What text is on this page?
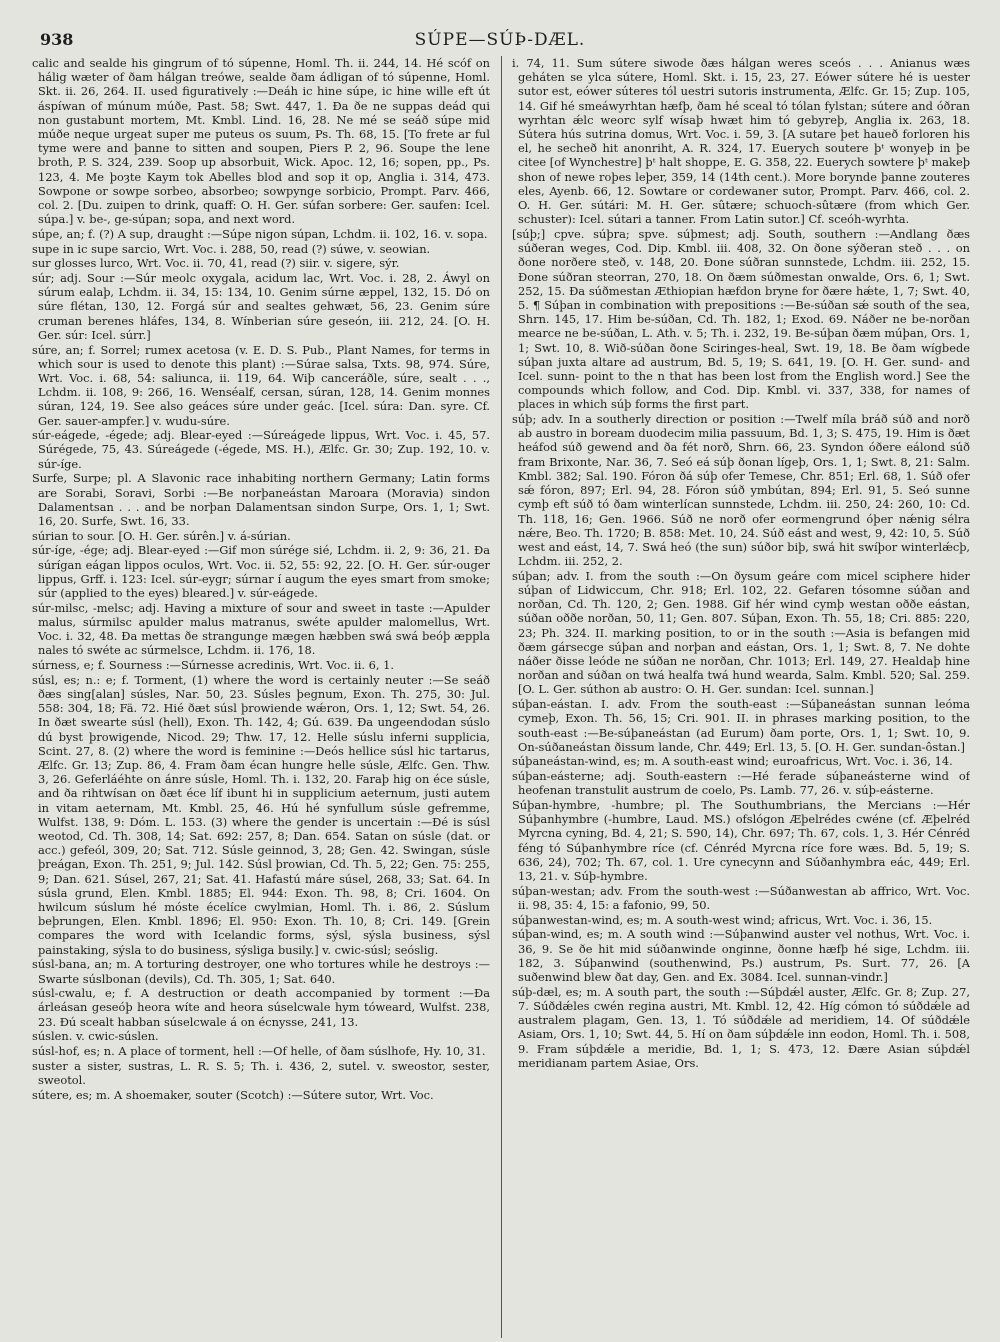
938	SÚPE—SÚÞ-DÆL.

calic and sealde his gingrum of tó súpenne, Homl. Th. ii. 244, 14. Hé scóf on hálig wæter of ðam hálgan treówe, sealde ðam ádligan of tó súpenne, Homl. Skt. ii. 26, 264. II. used figuratively :—Deáh ic hine súpe, ic hine wille eft út áspíwan of múnum múðe, Past. 58; Swt. 447, 1. Ða ðe ne suppas deád qui non gustabunt mortem, Mt. Kmbl. Lind. 16, 28. Ne mé se seáð súpe mid múðe neque urgeat super me puteus os suum, Ps. Th. 68, 15. [To frete ar ful tyme were and þanne to sitten and soupen, Piers P. 2, 96. Soupe the lene broth, P. S. 324, 239. Soop up absorbuit, Wick. Apoc. 12, 16; sopen, pp., Ps. 123, 4. Me þoȝte Kaym tok Abelles blod and sop it op, Anglia i. 314, 473. Sowpone or sowpe sorbeo, absorbeo; sowpynge sorbicio, Prompt. Parv. 466, col. 2. [Du. zuipen to drink, quaff: O. H. Ger. súfan sorbere: Ger. saufen: Icel. súpa.] v. be-, ge-súpan; sopa, and next word.

súpe, an; f. (?) A sup, draught :—Súpe nigon súpan, Lchdm. ii. 102, 16. v. sopa.

supe in ic supe sarcio, Wrt. Voc. i. 288, 50, read (?) súwe, v. seowian.

sur glosses lurco, Wrt. Voc. ii. 70, 41, read (?) siir. v. sigere, sýr.

súr; adj. Sour :—Súr meolc oxygala, acidum lac, Wrt. Voc. i. 28, 2. Áwyl on súrum ealaþ, Lchdm. ii. 34, 15: 134, 10. Genim súrne æppel, 132, 15. Dó on súre flétan, 130, 12. Forgá súr and sealtes gehwæt, 56, 23. Genim súre cruman berenes hláfes, 134, 8. Wínberian súre geseón, iii. 212, 24. [O. H. Ger. súr: Icel. súrr.]

súre, an; f. Sorrel; rumex acetosa (v. E. D. S. Pub., Plant Names, for terms in which sour is used to denote this plant) :—Súrae salsa, Txts. 98, 974. Súre, Wrt. Voc. i. 68, 54: saliunca, ii. 119, 64. Wiþ canceráðle, súre, sealt . . ., Lchdm. ii. 108, 9: 266, 16. Wenséalf, cersan, súran, 128, 14. Genim monnes súran, 124, 19. See also geáces súre under geác. [Icel. súra: Dan. syre. Cf. Ger. sauer-ampfer.] v. wudu-súre.

súr-eágede, -égede; adj. Blear-eyed :—Súreágede lippus, Wrt. Voc. i. 45, 57. Súrégede, 75, 43. Súreágede (-égede, MS. H.), Ælfc. Gr. 30; Zup. 192, 10. v. súr-íge.

Surfe, Surpe; pl. A Slavonic race inhabiting northern Germany; Latin forms are Sorabi, Soravi, Sorbi :—Be norþaneástan Maroara (Moravia) sindon Dalamentsan . . . and be norþan Dalamentsan sindon Surpe, Ors. 1, 1; Swt. 16, 20. Surfe, Swt. 16, 33.

súrian to sour. [O. H. Ger. súrên.] v. á-súrian.

súr-íge, -ége; adj. Blear-eyed :—Gif mon súrége sié, Lchdm. ii. 2, 9: 36, 21. Ða súrígan eágan lippos oculos, Wrt. Voc. ii. 52, 55: 92, 22. [O. H. Ger. súr-ouger lippus, Grff. i. 123: Icel. súr-eygr; súrnar í augum the eyes smart from smoke; súr (applied to the eyes) bleared.] v. súr-eágede.

súr-milsc, -melsc; adj. Having a mixture of sour and sweet in taste :—Apulder malus, súrmilsc apulder malus matranus, swéte apulder malomellus, Wrt. Voc. i. 32, 48. Ða mettas ðe strangunge mægen hæbben swá swá beóþ æppla nales tó swéte ac súrmelsce, Lchdm. ii. 176, 18.

súrness, e; f. Sourness :—Súrnesse acredinis, Wrt. Voc. ii. 6, 1.

súsl, es; n.: e; f. Torment, (1) where the word is certainly neuter :—Se seáð ðæs sing[alan] súsles, Nar. 50, 23. Súsles þegnum, Exon. Th. 275, 30: Jul. 558: 304, 18; Fä. 72. Hié ðæt súsl þrowiende wǽron, Ors. 1, 12; Swt. 54, 26. In ðæt swearte súsl (hell), Exon. Th. 142, 4; Gú. 639. Ða ungeendodan súslo dú byst þrowigende, Nicod. 29; Thw. 17, 12. Helle súslu inferni supplicia, Scint. 27, 8. (2) where the word is feminine :—Deós hellicе súsl hic tartarus, Ælfc. Gr. 13; Zup. 86, 4. Fram ðam écan hungre helle súsle, Ælfc. Gen. Thw. 3, 26. Geferláéhte on ánre súsle, Homl. Th. i. 132, 20. Faraþ hig on éce súsle, and ða rihtwísan on ðæt éce líf ibunt hi in supplicium aeternum, justi autem in vitam aeternam, Mt. Kmbl. 25, 46. Hú hé synfullum súsle gefremme, Wulfst. 138, 9: Dóm. L. 153. (3) where the gender is uncertain :—Ðé is súsl weotod, Cd. Th. 308, 14; Sat. 692: 257, 8; Dan. 654. Satan on súsle (dat. or acc.) gefeól, 309, 20; Sat. 712. Súsle geinnod, 3, 28; Gen. 42. Swingan, súsle þreágan, Exon. Th. 251, 9; Jul. 142. Súsl þrowian, Cd. Th. 5, 22; Gen. 75: 255, 9; Dan. 621. Súsel, 267, 21; Sat. 41. Hafastú máre súsel, 268, 33; Sat. 64. In súsla grund, Elen. Kmbl. 1885; El. 944: Exon. Th. 98, 8; Cri. 1604. On hwilcum súslum hé móste écelíce cwylmian, Homl. Th. i. 86, 2. Súslum beþrungen, Elen. Kmbl. 1896; El. 950: Exon. Th. 10, 8; Cri. 149. [Grein compares the word with Icelandic forms, sýsl, sýsla business, sýsl painstaking, sýsla to do business, sýsliga busily.] v. cwic-súsl; seóslig.

súsl-bana, an; m. A torturing destroyer, one who tortures while he destroys :—Swarte súslbonan (devils), Cd. Th. 305, 1; Sat. 640.

súsl-cwalu, e; f. A destruction or death accompanied by torment :—Ða árleásan geseóþ heora wíte and heora súselcwale hym tóweard, Wulfst. 238, 23. Ðú scealt habban súselcwale á on écnysse, 241, 13.

súslen. v. cwic-súslen.

súsl-hof, es; n. A place of torment, hell :—Of helle, of ðam súslhofe, Hy. 10, 31.

suster a sister, sustras, L. R. S. 5; Th. i. 436, 2, sutel. v. sweostor, sester, sweotol.

sútere, es; m. A shoemaker, souter (Scotch) :—Sútere sutor, Wrt. Voc.

i. 74, 11. Sum sútere siwode ðæs hálgan weres sceós . . . Anianus wæs geháten se ylca sútere, Homl. Skt. i. 15, 23, 27. Eówer sútere hé is uester sutor est, eówer súteres tól uestri sutoris instrumenta, Ælfc. Gr. 15; Zup. 105, 14. Gif hé smeáwyrhtan hæfþ, ðam hé sceal tó tólan fylstan; sútere and óðran wyrhtan ǽlc weorc sylf wísaþ hwæt him tó gebyreþ, Anglia ix. 263, 18. Sútera hús sutrina domus, Wrt. Voc. i. 59, 3. [A sutare þet haueð forloren his el, he secheð hit anonriht, A. R. 324, 17. Euerych soutere þᵗ wonyeþ in þe citee [of Wynchestre] þᵗ halt shoppe, E. G. 358, 22. Euerych sowtere þᵗ makeþ shon of newe roþes leþer, 359, 14 (14th cent.). More borynde þanne zouteres eles, Ayenb. 66, 12. Sowtare or cordewaner sutor, Prompt. Parv. 466, col. 2. O. H. Ger. sútári: M. H. Ger. sûtære; schuoch-sûtære (from which Ger. schuster): Icel. sútari a tanner. From Latin sutor.] Cf. sceóh-wyrhta.

[súþ;] cpve. súþra; spve. súþmest; adj. South, southern :—Andlang ðæs súðeran weges, Cod. Dip. Kmbl. iii. 408, 32. On ðone sýðeran steð . . . on ðone norðere steð, v. 148, 20. Ðone súðran sunnstede, Lchdm. iii. 252, 15. Ðone súðran steorran, 270, 18. On ðæm súðmestan onwalde, Ors. 6, 1; Swt. 252, 15. Ða súðmestan Æthiopian hæfdon bryne for ðære hǽte, 1, 7; Swt. 40, 5. ¶ Súþan in combination with prepositions :—Be-súðan sǽ south of the sea, Shrn. 145, 17. Him be-súðan, Cd. Th. 182, 1; Exod. 69. Náðer ne be-norðan mearce ne be-súðan, L. Ath. v. 5; Th. i. 232, 19. Be-súþan ðæm múþan, Ors. 1, 1; Swt. 10, 8. Wið-súðan ðone Sciringes-heal, Swt. 19, 18. Be ðam wígbede súþan juxta altare ad austrum, Bd. 5, 19; S. 641, 19. [O. H. Ger. sund- and Icel. sunn- point to the n that has been lost from the English word.] See the compounds which follow, and Cod. Dip. Kmbl. vi. 337, 338, for names of places in which súþ forms the first part.

súþ; adv. In a southerly direction or position :—Twelf míla bráð súð and norð ab austro in boream duodecim milia passuum, Bd. 1, 3; S. 475, 19. Him is ðæt heáfod súð gewend and ða fét norð, Shrn. 66, 23. Syndon óðere eálond súð fram Brixonte, Nar. 36, 7. Seó eá súþ ðonan lígeþ, Ors. 1, 1; Swt. 8, 21: Salm. Kmbl. 382; Sal. 190. Fóron ðá súþ ofer Temese, Chr. 851; Erl. 68, 1. Súð ofer sǽ fóron, 897; Erl. 94, 28. Fóron súð ymbútan, 894; Erl. 91, 5. Seó sunne cymþ eft súð tó ðam winterlícan sunnstede, Lchdm. iii. 250, 24: 260, 10: Cd. Th. 118, 16; Gen. 1966. Súð ne norð ofer eormengrund óþer nǽnig sélra nǽre, Beo. Th. 1720; B. 858: Met. 10, 24. Súð eást and west, 9, 42: 10, 5. Súð west and eást, 14, 7. Swá heó (the sun) súðor biþ, swá hit swíþor winterlǽcþ, Lchdm. iii. 252, 2.

súþan; adv. I. from the south :—On ðysum geáre com micel sciphere hider súþan of Lidwiccum, Chr. 918; Erl. 102, 22. Gefaren tósomne súðan and norðan, Cd. Th. 120, 2; Gen. 1988. Gif hér wind cymþ westan oððe eástan, súðan oððe norðan, 50, 11; Gen. 807. Súþan, Exon. Th. 55, 18; Cri. 885: 220, 23; Ph. 324. II. marking position, to or in the south :—Asia is befangen mid ðæm gársecge súþan and norþan and eástan, Ors. 1, 1; Swt. 8, 7. Ne dohte náðer ðisse leóde ne súðan ne norðan, Chr. 1013; Erl. 149, 27. Healdaþ hine norðan and súðan on twá healfa twá hund wearda, Salm. Kmbl. 520; Sal. 259. [O. L. Ger. súthon ab austro: O. H. Ger. sundan: Icel. sunnan.]

súþan-eástan. I. adv. From the south-east :—Súþaneástan sunnan leóma cymeþ, Exon. Th. 56, 15; Cri. 901. II. in phrases marking position, to the south-east :—Be-súþaneástan (ad Eurum) ðam porte, Ors. 1, 1; Swt. 10, 9. On-súðaneástan ðissum lande, Chr. 449; Erl. 13, 5. [O. H. Ger. sundan-ôstan.]

súþaneástan-wind, es; m. A south-east wind; euroafricus, Wrt. Voc. i. 36, 14.

súþan-eásterne; adj. South-eastern :—Hé ferade súþaneásterne wind of heofenan transtulit austrum de coelo, Ps. Lamb. 77, 26. v. súþ-eásterne.

Súþan-hymbre, -humbre; pl. The Southumbrians, the Mercians :—Hér Súþanhymbre (-humbre, Laud. MS.) ofslógon Æþelrédes cwéne (cf. Æþelréd Myrcna cyning, Bd. 4, 21; S. 590, 14), Chr. 697; Th. 67, cols. 1, 3. Hér Cénréd féng tó Súþanhymbre ríce (cf. Cénréd Myrcna ríce fore wæs. Bd. 5, 19; S. 636, 24), 702; Th. 67, col. 1. Ure cynecynn and Súðanhymbra eác, 449; Erl. 13, 21. v. Súþ-hymbre.

súþan-westan; adv. From the south-west :—Súðanwestan ab affrico, Wrt. Voc. ii. 98, 35: 4, 15: a fafonio, 99, 50.

súþanwestan-wind, es; m. A south-west wind; africus, Wrt. Voc. i. 36, 15.

súþan-wind, es; m. A south wind :—Súþanwind auster vel nothus, Wrt. Voc. i. 36, 9. Se ðe hit mid súðanwinde onginne, ðonne hæfþ hé sige, Lchdm. iii. 182, 3. Súþanwind (southenwind, Ps.) austrum, Ps. Surt. 77, 26. [A suðenwind blew ðat day, Gen. and Ex. 3084. Icel. sunnan-vindr.]

súþ-dæl, es; m. A south part, the south :—Súþdǽl auster, Ælfc. Gr. 8; Zup. 27, 7. Súðdǽles cwén regina austri, Mt. Kmbl. 12, 42. Híg cómon tó súðdǽle ad australem plagam, Gen. 13, 1. Tó súðdǽle ad meridiem, 14. Of súðdǽle Asiam, Ors. 1, 10; Swt. 44, 5. Hí on ðam súþdǽle inn eodon, Homl. Th. i. 508, 9. Fram súþdǽle a meridie, Bd. 1, 1; S. 473, 12. Ðære Asian súþdǽl meridianam partem Asiae, Ors.
